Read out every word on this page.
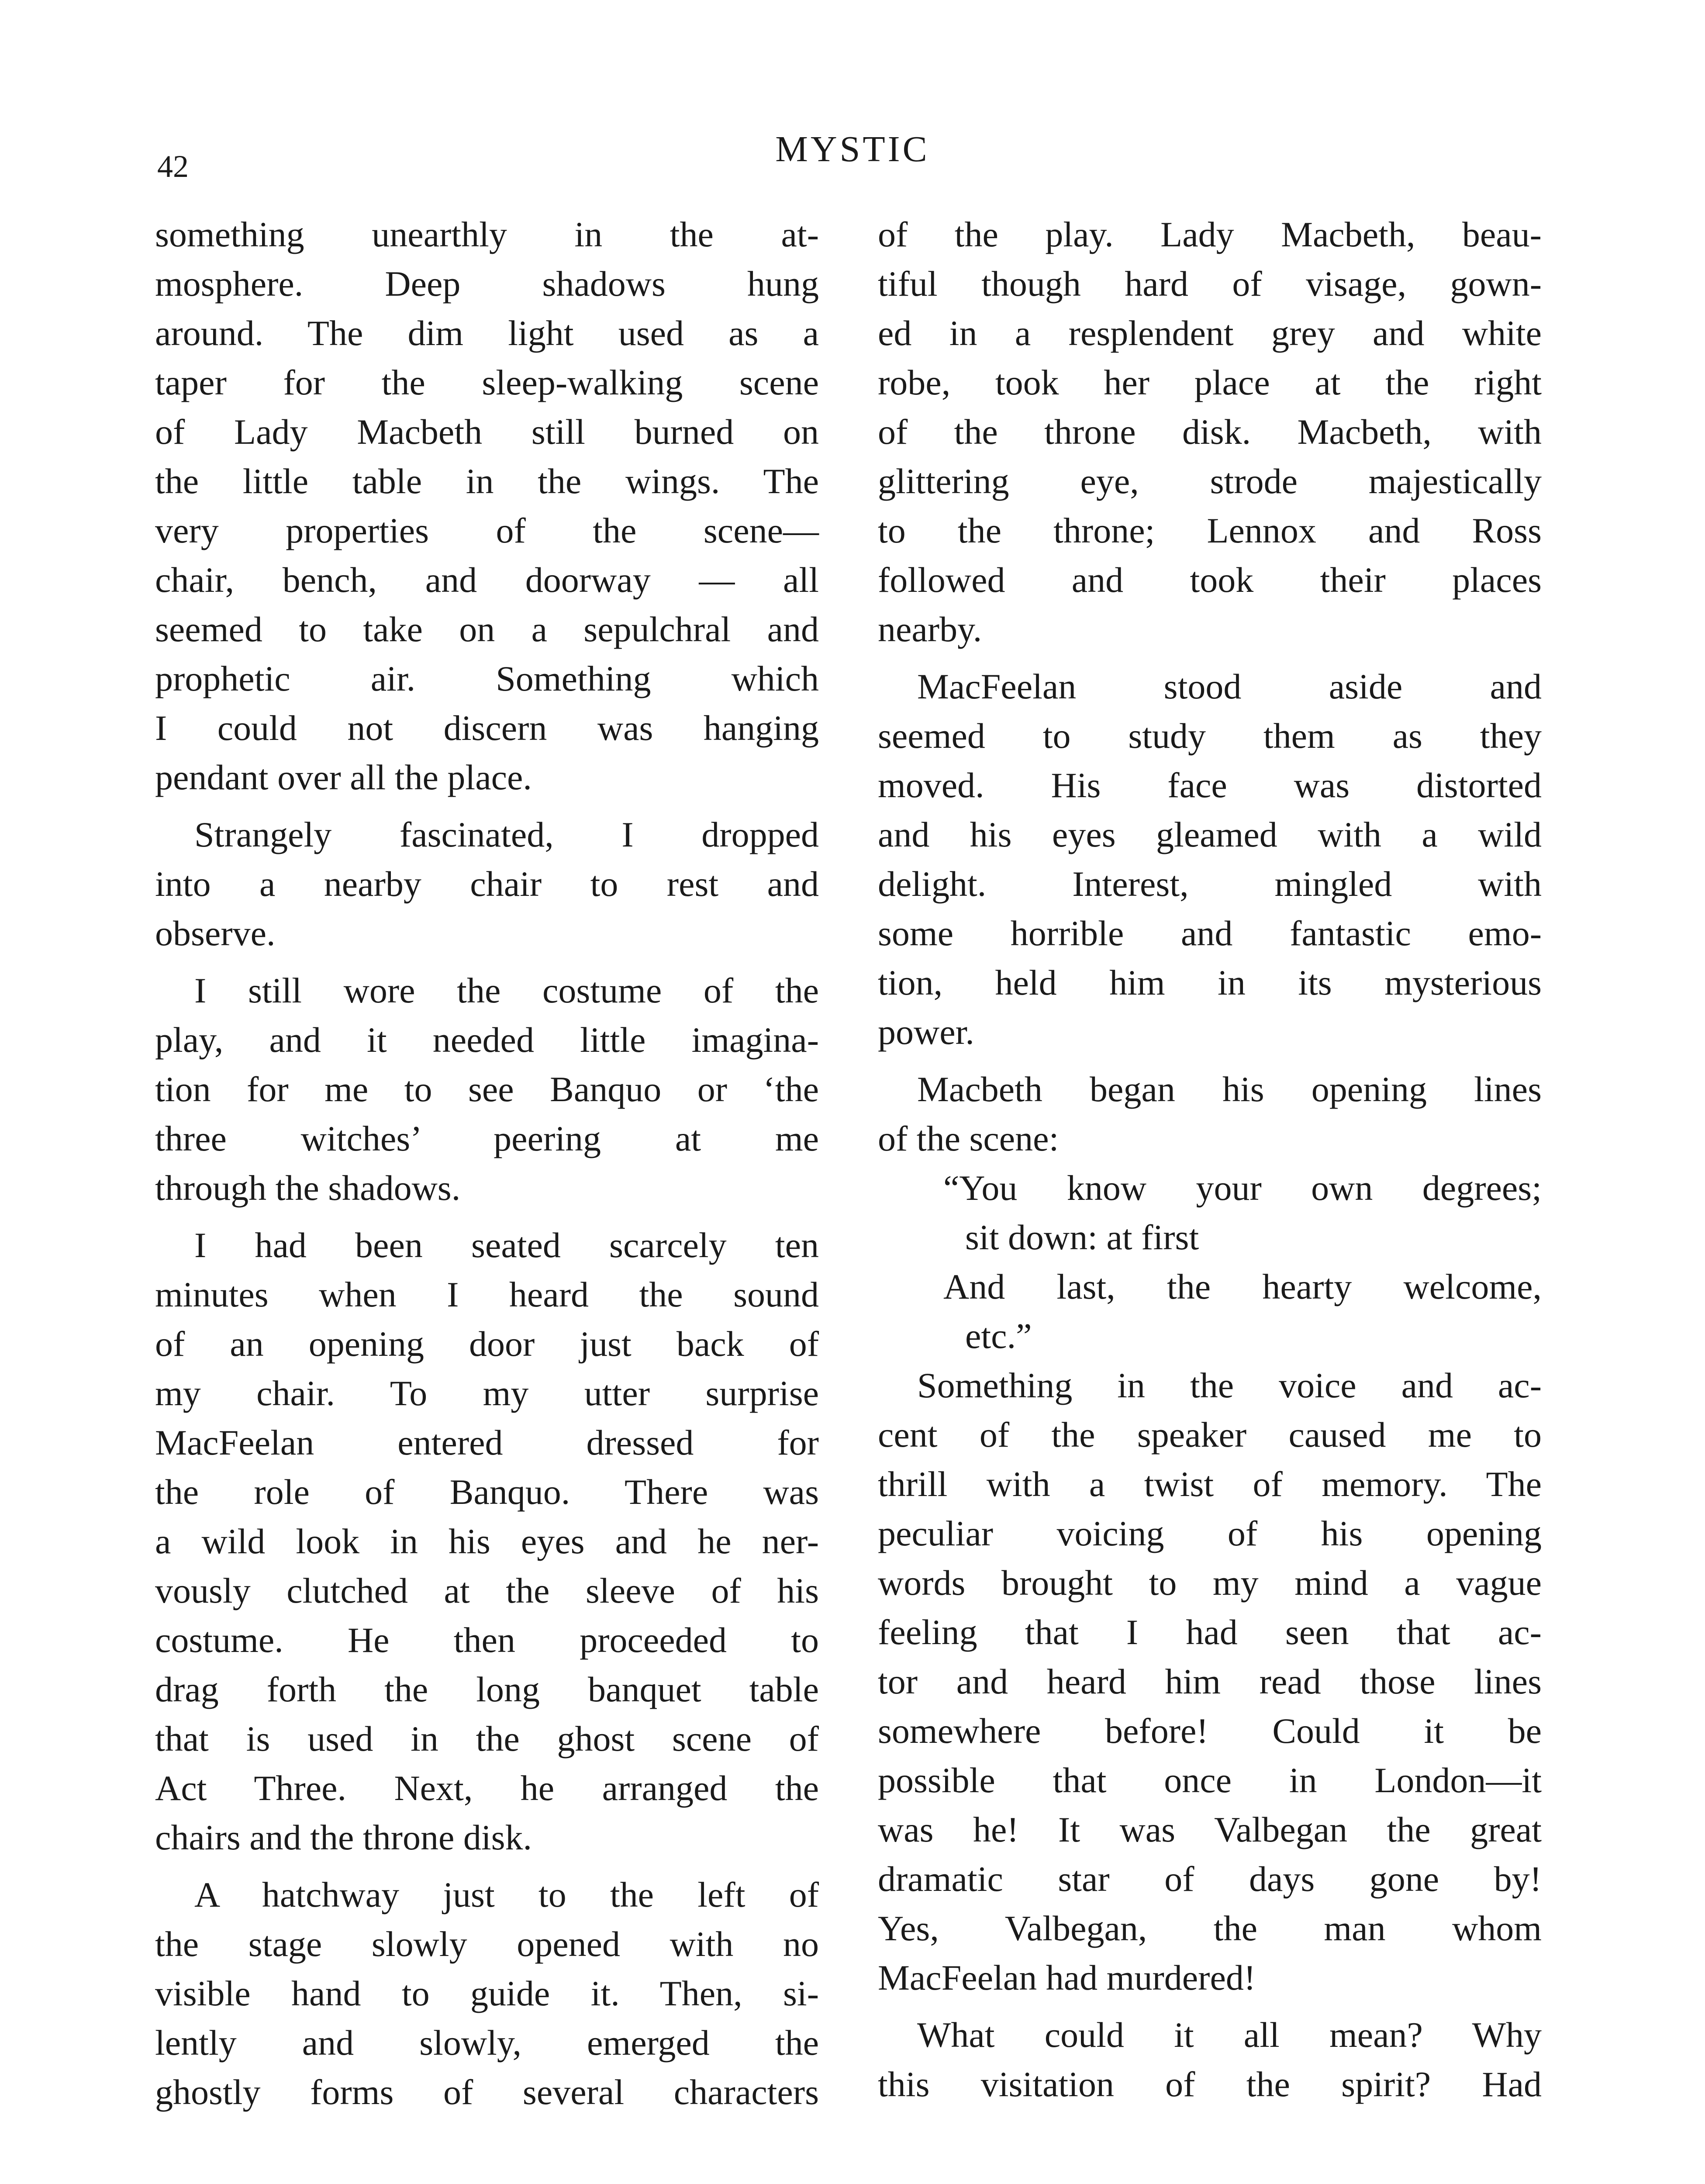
42	MYSTIC

something unearthly in the at-
mosphere. Deep shadows hung
around. The dim light used as a
taper for the sleep-walking scene
of Lady Macbeth still burned on
the little table in the wings. The
very properties of the scene—
chair, bench, and doorway — all
seemed to take on a sepulchral and
prophetic air. Something which
I could not discern was hanging
pendant over all the place.

Strangely fascinated, I dropped
into a nearby chair to rest and
observe.

I still wore the costume of the
play, and it needed little imagina-
tion for me to see Banquo or ‘the
three witches’ peering at me
through the shadows.

I had been seated scarcely ten
minutes when I heard the sound
of an opening door just back of
my chair. To my utter surprise
MacFeelan entered dressed for
the role of Banquo. There was
a wild look in his eyes and he ner-
vously clutched at the sleeve of his
costume. He then proceeded to
drag forth the long banquet table
that is used in the ghost scene of
Act Three. Next, he arranged the
chairs and the throne disk.

A hatchway just to the left of
the stage slowly opened with no
visible hand to guide it. Then, si-
lently and slowly, emerged the
ghostly forms of several characters

of the play. Lady Macbeth, beau-
tiful though hard of visage, gown-
ed in a resplendent grey and white
robe, took her place at the right
of the throne disk. Macbeth, with
glittering eye, strode majestically
to the throne; Lennox and Ross
followed and took their places
nearby.

MacFeelan stood aside and
seemed to study them as they
moved. His face was distorted
and his eyes gleamed with a wild
delight. Interest, mingled with
some horrible and fantastic emo-
tion, held him in its mysterious
power.

Macbeth began his opening lines
of the scene:

“You know your own degrees;
sit down: at first
And last, the hearty welcome,
etc.”

Something in the voice and ac-
cent of the speaker caused me to
thrill with a twist of memory. The
peculiar voicing of his opening
words brought to my mind a vague
feeling that I had seen that ac-
tor and heard him read those lines
somewhere before! Could it be
possible that once in London—it
was he! It was Valbegan the great
dramatic star of days gone by!
Yes, Valbegan, the man whom
MacFeelan had murdered!

What could it all mean? Why
this visitation of the spirit? Had
